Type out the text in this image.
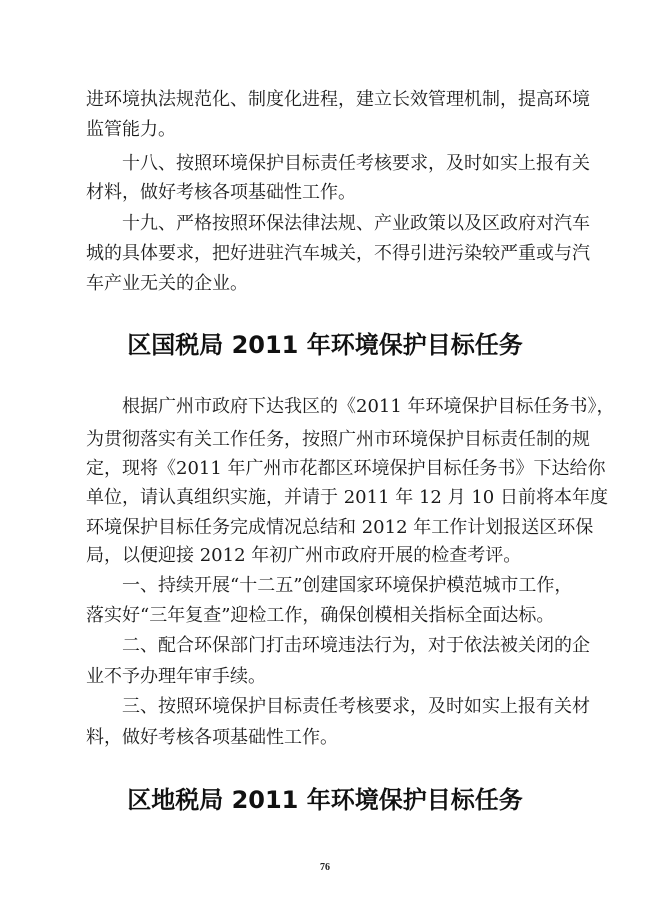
进环境执法规范化、制度化进程，建立长效管理机制，提高环境
监管能力。
　　十八、按照环境保护目标责任考核要求，及时如实上报有关
材料，做好考核各项基础性工作。
　　十九、严格按照环保法律法规、产业政策以及区政府对汽车
城的具体要求，把好进驻汽车城关，不得引进污染较严重或与汽
车产业无关的企业。
区国税局 2011 年环境保护目标任务
　　根据广州市政府下达我区的《2011 年环境保护目标任务书》，
为贯彻落实有关工作任务，按照广州市环境保护目标责任制的规
定，现将《2011 年广州市花都区环境保护目标任务书》下达给你
单位，请认真组织实施，并请于 2011 年 12 月 10 日前将本年度
环境保护目标任务完成情况总结和 2012 年工作计划报送区环保
局，以便迎接 2012 年初广州市政府开展的检查考评。
　　一、持续开展“十二五”创建国家环境保护模范城市工作，
落实好“三年复查”迎检工作，确保创模相关指标全面达标。
　　二、配合环保部门打击环境违法行为，对于依法被关闭的企
业不予办理年审手续。
　　三、按照环境保护目标责任考核要求，及时如实上报有关材
料，做好考核各项基础性工作。
区地税局 2011 年环境保护目标任务
76
